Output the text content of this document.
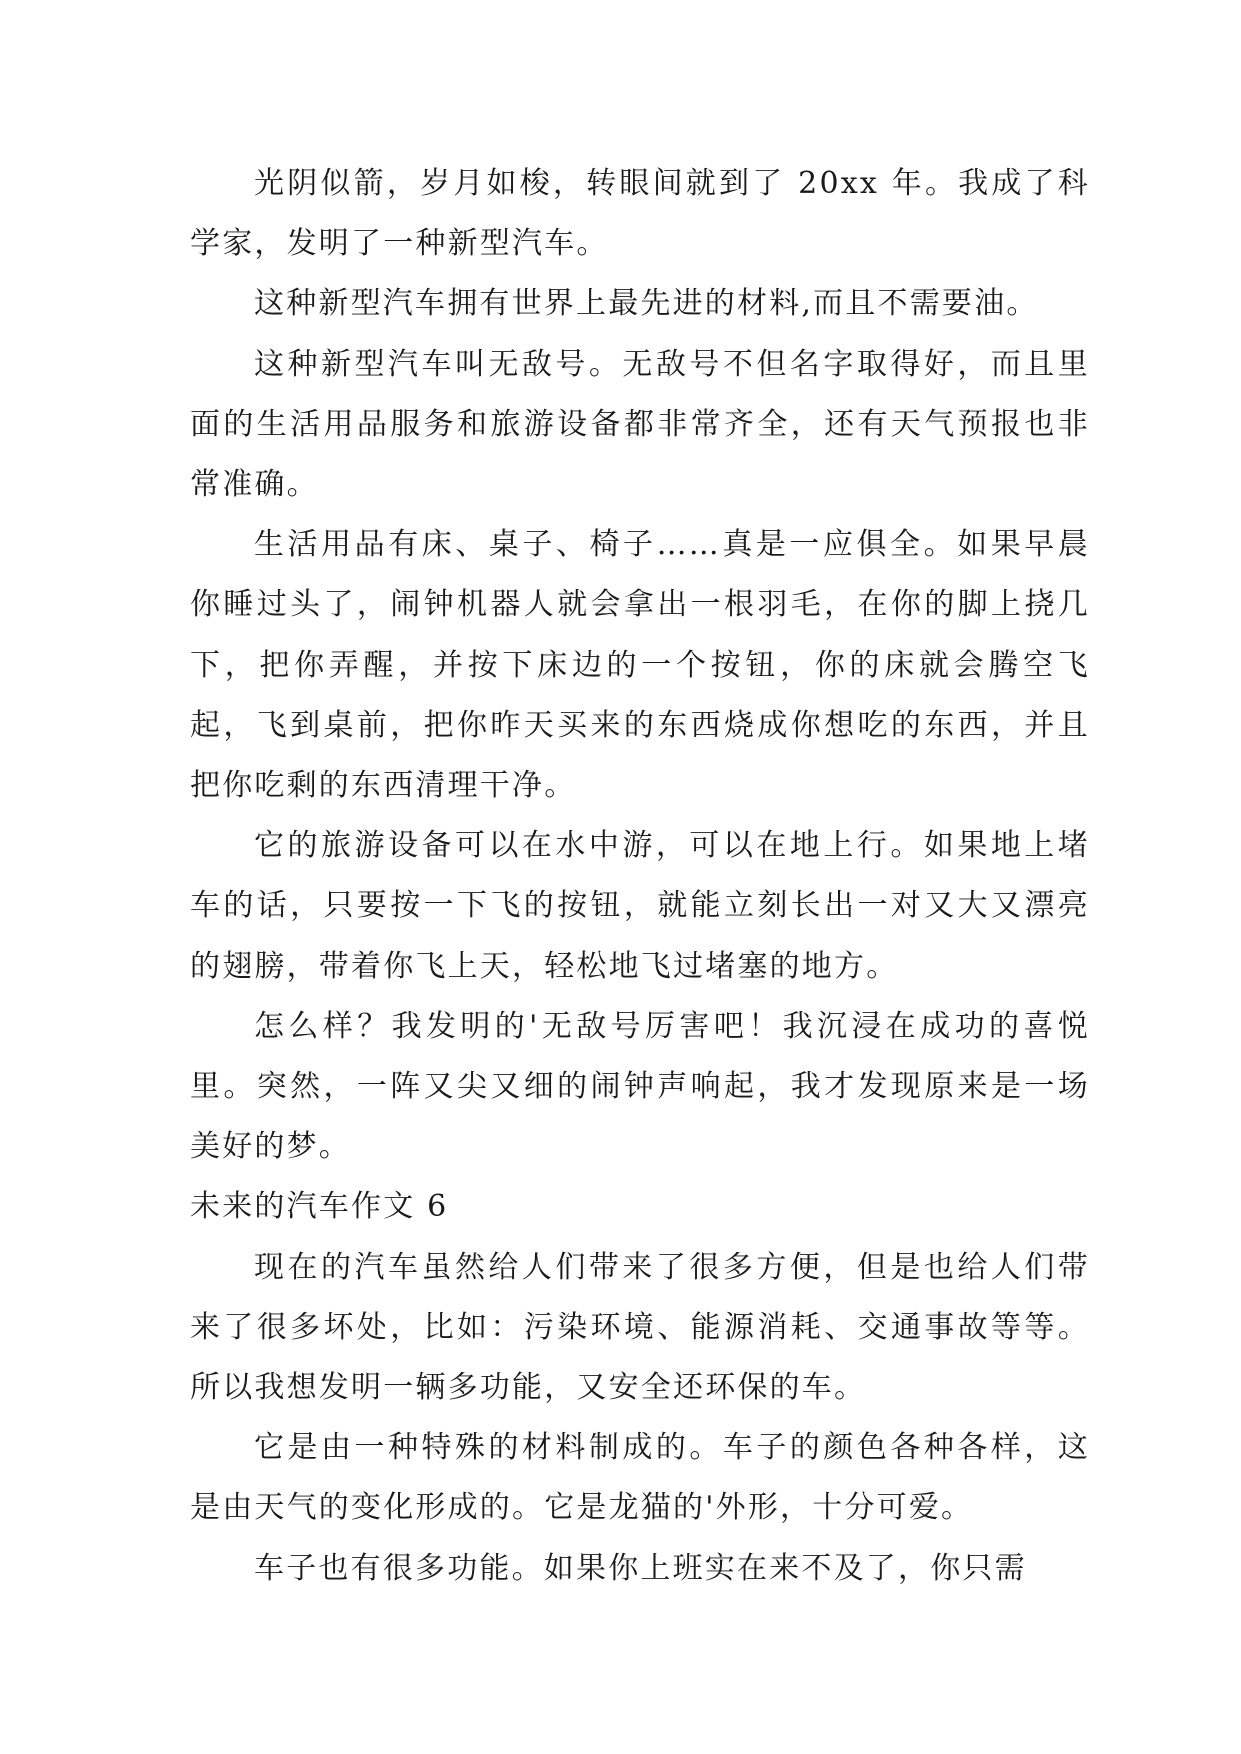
光阴似箭，岁月如梭，转眼间就到了 20xx 年。我成了科学家，发明了一种新型汽车。

这种新型汽车拥有世界上最先进的材料,而且不需要油。

这种新型汽车叫无敌号。无敌号不但名字取得好，而且里面的生活用品服务和旅游设备都非常齐全，还有天气预报也非常准确。

生活用品有床、桌子、椅子……真是一应俱全。如果早晨你睡过头了，闹钟机器人就会拿出一根羽毛，在你的脚上挠几下，把你弄醒，并按下床边的一个按钮，你的床就会腾空飞起，飞到桌前，把你昨天买来的东西烧成你想吃的东西，并且把你吃剩的东西清理干净。

它的旅游设备可以在水中游，可以在地上行。如果地上堵车的话，只要按一下飞的按钮，就能立刻长出一对又大又漂亮的翅膀，带着你飞上天，轻松地飞过堵塞的地方。

怎么样？我发明的'无敌号厉害吧！我沉浸在成功的喜悦里。突然，一阵又尖又细的闹钟声响起，我才发现原来是一场美好的梦。

未来的汽车作文 6

现在的汽车虽然给人们带来了很多方便，但是也给人们带来了很多坏处，比如：污染环境、能源消耗、交通事故等等。所以我想发明一辆多功能，又安全还环保的车。

它是由一种特殊的材料制成的。车子的颜色各种各样，这是由天气的变化形成的。它是龙猫的'外形，十分可爱。

车子也有很多功能。如果你上班实在来不及了，你只需
